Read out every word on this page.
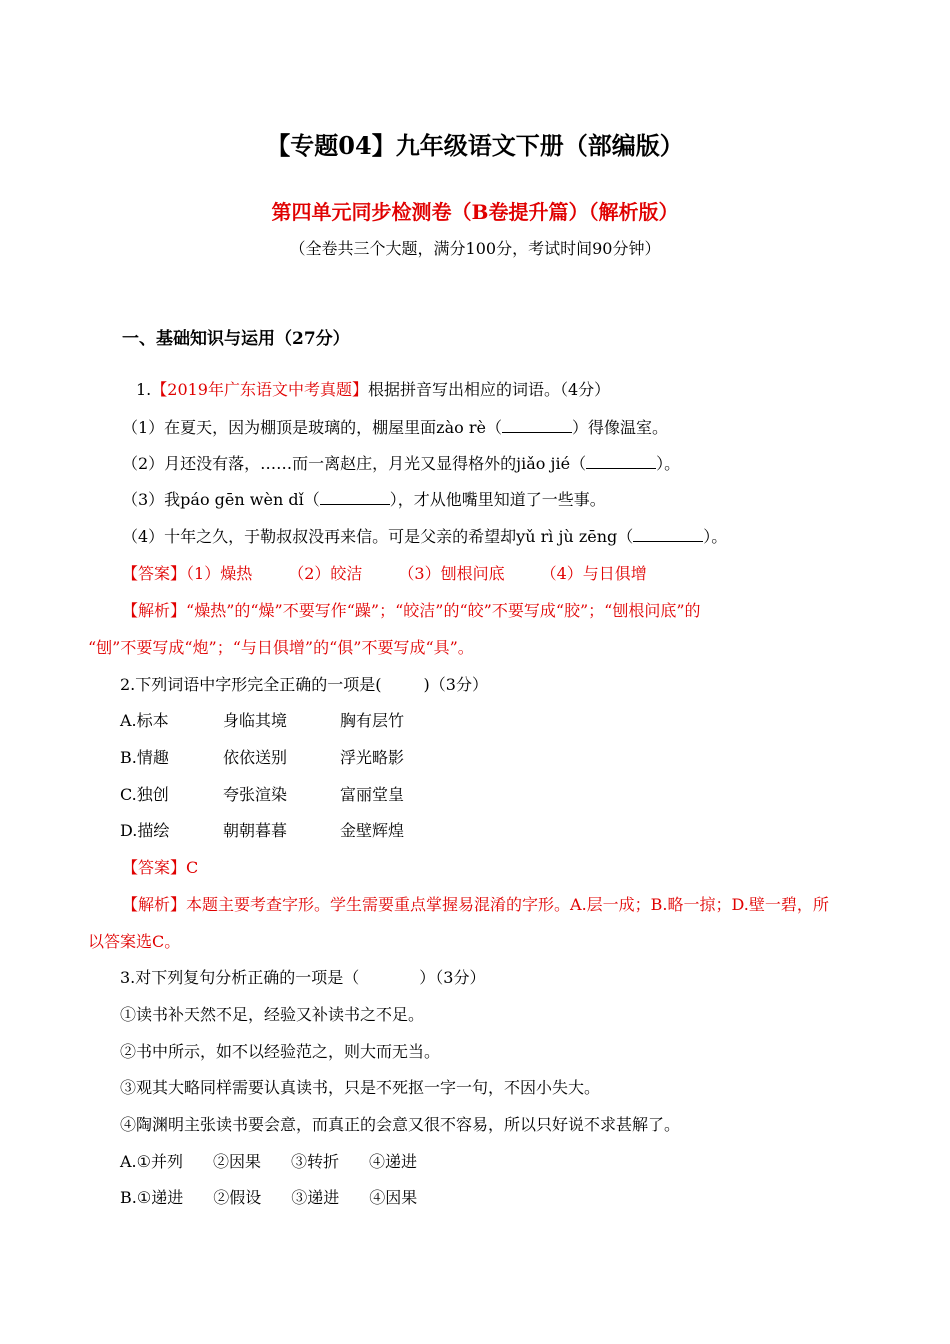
【专题04】九年级语文下册（部编版）
第四单元同步检测卷（B卷提升篇）（解析版）
（全卷共三个大题，满分100分，考试时间90分钟）
一、基础知识与运用（27分）
1.【2019年广东语文中考真题】根据拼音写出相应的词语。（4分）
（1）在夏天，因为棚顶是玻璃的，棚屋里面zào rè（	）得像温室。
（2）月还没有落，……而一离赵庄，月光又显得格外的jiǎo jié（	）。
（3）我páo gēn wèn dǐ（	），才从他嘴里知道了一些事。
（4）十年之久，于勒叔叔没再来信。可是父亲的希望却yǔ rì jù zēng（	）。
【答案】（1）燥热 （2）皎洁 （3）刨根问底 （4）与日俱增
【解析】“燥热”的“燥”不要写作“躁”；“皎洁”的“皎”不要写成“胶”；“刨根问底”的
“刨”不要写成“炮”；“与日俱增”的“俱”不要写成“具”。
2.下列词语中字形完全正确的一项是(	)（3分）
A.标本	身临其境	胸有层竹
B.情趣	依依送别	浮光略影
C.独创	夸张渲染	富丽堂皇
D.描绘	朝朝暮暮	金壁辉煌
【答案】C
【解析】本题主要考查字形。学生需要重点掌握易混淆的字形。A.层一成；B.略一掠；D.壁一碧，所
以答案选C。
3.对下列复句分析正确的一项是（	）（3分）
①读书补天然不足，经验又补读书之不足。
②书中所示，如不以经验范之，则大而无当。
③观其大略同样需要认真读书，只是不死抠一字一句，不因小失大。
④陶渊明主张读书要会意，而真正的会意又很不容易，所以只好说不求甚解了。
A.①并列 ②因果 ③转折 ④递进
B.①递进 ②假设 ③递进 ④因果
